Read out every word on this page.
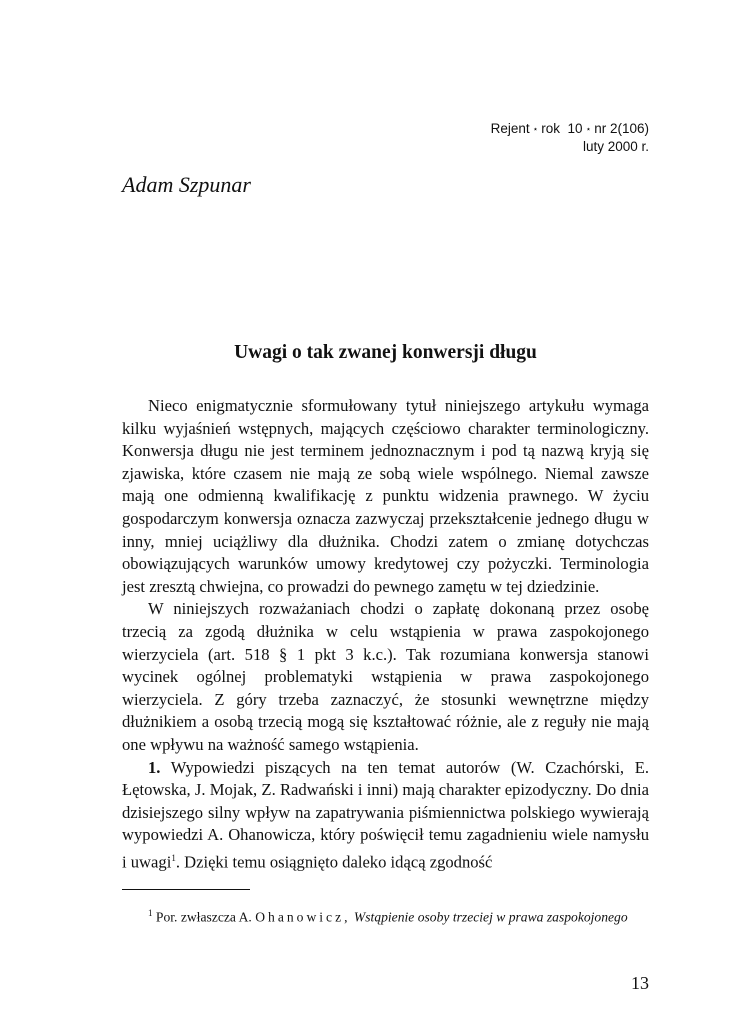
Rejent ⋆ rok 10 ⋆ nr 2(106)
luty 2000 r.
Adam Szpunar
Uwagi o tak zwanej konwersji długu

Nieco enigmatycznie sformułowany tytuł niniejszego artykułu wymaga kilku wyjaśnień wstępnych, mających częściowo charakter terminologiczny. Konwersja długu nie jest terminem jednoznacznym i pod tą nazwą kryją się zjawiska, które czasem nie mają ze sobą wiele wspólnego. Niemal zawsze mają one odmienną kwalifikację z punktu widzenia prawnego. W życiu gospodarczym konwersja oznacza zazwyczaj przekształcenie jednego długu w inny, mniej uciążliwy dla dłużnika. Chodzi zatem o zmianę dotychczas obowiązujących warunków umowy kredytowej czy pożyczki. Terminologia jest zresztą chwiejna, co prowadzi do pewnego zamętu w tej dziedzinie.

W niniejszych rozważaniach chodzi o zapłatę dokonaną przez osobę trzecią za zgodą dłużnika w celu wstąpienia w prawa zaspokojonego wierzyciela (art. 518 § 1 pkt 3 k.c.). Tak rozumiana konwersja stanowi wycinek ogólnej problematyki wstąpienia w prawa zaspokojonego wierzyciela. Z góry trzeba zaznaczyć, że stosunki wewnętrzne między dłużnikiem a osobą trzecią mogą się kształtować różnie, ale z reguły nie mają one wpływu na ważność samego wstąpienia.

1. Wypowiedzi piszących na ten temat autorów (W. Czachórski, E. Łętowska, J. Mojak, Z. Radwański i inni) mają charakter epizodyczny. Do dnia dzisiejszego silny wpływ na zapatrywania piśmiennictwa polskiego wywierają wypowiedzi A. Ohanowicza, który poświęcił temu zagadnieniu wiele namysłu i uwagi$^1$. Dzięki temu osiągnięto daleko idącą zgodność

$^1$ Por. zwłaszcza A. Ohanowicz, Wstąpienie osoby trzeciej w prawa zaspokojonego
13
